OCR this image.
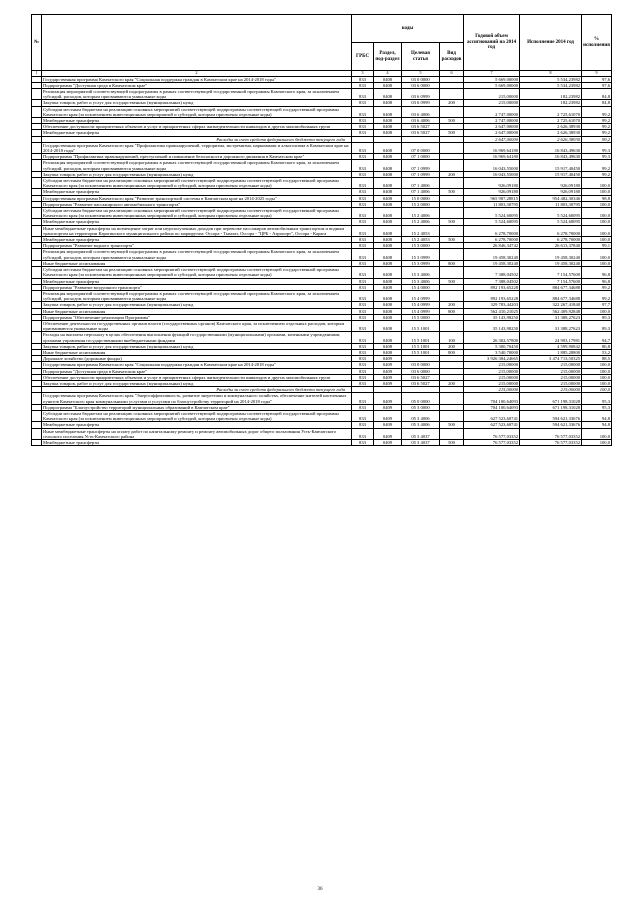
№		коды				Годовой объем ассигнований на 2014 год	Исполнение 2014 год	% исполнения
		ГРБС	Раздел, под-раздел	Целевая статья	Вид расходов			
1	2	3	4	5	6	7	8	9
	Государственная программа Камчатского края "Социальная поддержка граждан в Камчатском крае на 2014-2018 годы"	833	0408	03 0 0000		5 669,00000	5 534,23982	97,6
	Подпрограмма "Доступная среда в Камчатском крае"	833	0408	03 6 0000		5 669,00000	5 534,23982	97,6
	Реализация мероприятий соответствующей подпрограммы в рамках соответствующей государственной программы Камчатского края, за исключением субсидий, расходов, которым присваиваются уникальные коды	833	0408	03 6 0999		215,00000	182,23982	84,8
	Закупка товаров, работ и услуг для государственных (муниципальных) нужд	833	0408	03 6 0999	200	215,00000	182,23982	84,8
	Субсидии местным бюджетам на реализацию основных мероприятий соответствующей подпрограммы соответствующей государственной программы Камчатского края (за исключением инвестиционных мероприятий и субсидий, которым присвоены отдельные коды)	833	0408	03 6 4006		2 747,00000	2 725,61070	99,2
	Межбюджетные трансферты	833	0408	03 6 4006	500	2 747,00000	2 725,61070	99,2
	Обеспечение доступности приоритетных объектов и услуг в приоритетных сферах жизнедеятельности инвалидов и других маломобильных групп	833	0408	03 6 5027		2 647,00000	2 626,38930	99,2
	Межбюджетные трансферты	833	0408	03 6 5027	500	2 647,00000	2 626,38930	99,2
	Расходы за счет средств федерального бюджета текущего года					2 647,00000	2 626,38930	99,2
	Государственная программа Камчатского края "Профилактика правонарушений, терроризма, экстремизма, наркомании и алкоголизма в Камчатском крае на 2014-2018 годы"	833	0408	07 0 0000		16 969,64180	16 843,49630	99,3
	Подпрограмма "Профилактика правонарушений, преступлений и повышение безопасности дорожного движения в Камчатском крае"	833	0408	07 1 0000		16 969,64180	16 843,49630	99,3
	Реализация мероприятий соответствующей подпрограммы в рамках соответствующей государственной программы Камчатского края, за исключением субсидий, расходов, которым присваиваются уникальные коды	833	0408	07 1 0999		16 043,55000	15 917,40450	99,2
	Закупка товаров, работ и услуг для государственных (муниципальных) нужд	833	0408	07 1 0999	200	16 043,55000	15 917,40450	99,2
	Субсидии местным бюджетам на реализацию основных мероприятий соответствующей подпрограммы соответствующей государственной программы Камчатского края (за исключением инвестиционных мероприятий и субсидий, которым присвоены отдельные коды)	833	0408	07 1 4006		926,09180	926,09180	100,0
	Межбюджетные трансферты	833	0408	07 1 4006	500	926,09180	926,09180	100,0
	Государственная программа Камчатского края "Развитие транспортной системы в Камчатском крае на 2014-2025 годы"	833	0408	15 0 0000		965 987,28815	954 482,30346	98,8
	Подпрограмма "Развитие пассажирского автомобильного транспорта"	833	0408	15 2 0000		11 803,30795	11 803,30795	100,0
	Субсидии местным бюджетам на реализацию основных мероприятий соответствующей подпрограммы соответствующей государственной программы Камчатского края (за исключением инвестиционных мероприятий и субсидий, которым присвоены отдельные коды)	833	0408	15 2 4006		5 524,60095	5 524,60095	100,0
	Межбюджетные трансферты	833	0408	15 2 4006	500	5 524,60095	5 524,60095	100,0
	Иные межбюджетные трансферты на возмещение затрат или недополученных доходов при перевозке пассажиров автомобильным транспортом и водным транспортом на территории Карагинского муниципального района по маршрутам: Оссора - Тымлат, Оссора - "ЦРБ - Аэропорт", Оссора - Карага	833	0408	15 2 4053		6 278,70000	6 278,70000	100,0
	Межбюджетные трансферты	833	0408	15 2 4053	500	6 278,70000	6 278,70000	100,0
	Подпрограмма "Развитие водного транспорта"	833	0408	15 3 0000		26 846,34742	26 613,37840	99,1
	Реализация мероприятий соответствующей подпрограммы в рамках соответствующей государственной программы Камчатского края, за исключением субсидий, расходов, которым присваиваются уникальные коды	833	0408	15 3 0999		19 458,30240	19 458,30240	100,0
	Иные бюджетные ассигнования	833	0408	15 3 0999	800	19 458,30240	19 458,30240	100,0
	Субсидии местным бюджетам на реализацию основных мероприятий соответствующей подпрограммы соответствующей государственной программы Камчатского края (за исключением инвестиционных мероприятий и субсидий, которым присвоены отдельные коды)	833	0408	15 3 4006		7 388,04502	7 154,57600	96,8
	Межбюджетные трансферты	833	0408	15 3 4006	500	7 388,04502	7 154,57600	96,8
	Подпрограмма "Развитие воздушного транспорта"	833	0408	15 4 0000		892 193,65228	884 677,34688	99,2
	Реализация мероприятий соответствующей подпрограммы в рамках соответствующей государственной программы Камчатского края, за исключением субсидий, расходов, которым присваиваются уникальные коды	833	0408	15 4 0999		892 193,65228	884 677,34688	99,2
	Закупка товаров, работ и услуг для государственных (муниципальных) нужд	833	0408	15 4 0999	200	329 783,44203	322 267,41840	97,7
	Иные бюджетные ассигнования	833	0408	15 4 0999	800	562 410,21025	562 409,92848	100,0
	Подпрограмма "Обеспечение реализации Программы"	833	0408	15 5 0000		35 143,98250	31 388,27623	89,3
	Обеспечение деятельности государственных органов власти (государственных органов) Камчатского края, за исключением отдельных расходов, которым присваиваются уникальные коды	833	0408	15 5 1001		35 143,98250	31 388,27623	89,3
	Расходы на выплаты персоналу в целях обеспечения выполнения функций государственными (муниципальными) органами, казенными учреждениями, органами управления государственными внебюджетными фондами	833	0408	15 5 1001	100	26 302,57800	24 903,17981	94,7
	Закупка товаров, работ и услуг для государственных (муниципальных) нужд	833	0408	15 5 1001	200	5 300,70450	4 599,90842	86,8
	Иные бюджетные ассигнования	833	0408	15 5 1001	800	3 540,70000	1 885,28800	53,2
	Дорожное хозяйство (дорожные фонды)	833	0409			3 926 384,24665	3 474 713,50325	88,5
	Государственная программа Камчатского края "Социальная поддержка граждан в Камчатском крае на 2014-2018 годы"	833	0409	03 0 0000		215,00000	215,00000	100,0
	Подпрограмма "Доступная среда в Камчатском крае"	833	0409	03 6 0000		215,00000	215,00000	100,0
	Обеспечение доступности приоритетных объектов и услуг в приоритетных сферах жизнедеятельности инвалидов и других маломобильных групп	833	0409	03 6 5027		215,00000	215,00000	100,0
	Закупка товаров, работ и услуг для государственных (муниципальных) нужд	833	0409	03 6 5027	200	215,00000	215,00000	100,0
	Расходы за счет средств федерального бюджета текущего года					215,00000	215,00000	100,0
	Государственная программа Камчатского края "Энергоэффективность, развитие энергетики и коммунального хозяйства, обеспечение жителей населенных пунктов Камчатского края коммунальными услугами и услугами по благоустройству территорий на 2014-2018 годы"	833	0409	05 0 0000		704 100,64093	671 198,31028	95,3
	Подпрограмма "Благоустройство территорий муниципальных образований в Камчатском крае"	833	0409	05 3 0000		704 100,64093	671 198,31028	95,3
	Субсидии местным бюджетам на реализацию основных мероприятий соответствующей подпрограммы соответствующей государственной программы Камчатского края (за исключением инвестиционных мероприятий и субсидий, которым присвоены отдельные коды)	833	0409	05 3 4006		627 523,60741	594 621,33676	94,8
	Межбюджетные трансферты	833	0409	05 3 4006	500	627 523,60741	594 621,33676	94,8
	Иные межбюджетные трансферты на оплату работ по капитальному ремонту и ремонту автомобильных дорог общего пользования Усть-Камчатского сельского поселения Усть-Камчатского района	833	0409	05 3 4037		76 577,03352	76 577,03352	100,0
	Межбюджетные трансферты	833	0409	05 3 4037	500	76 577,03352	76 577,03352	100,0
36
